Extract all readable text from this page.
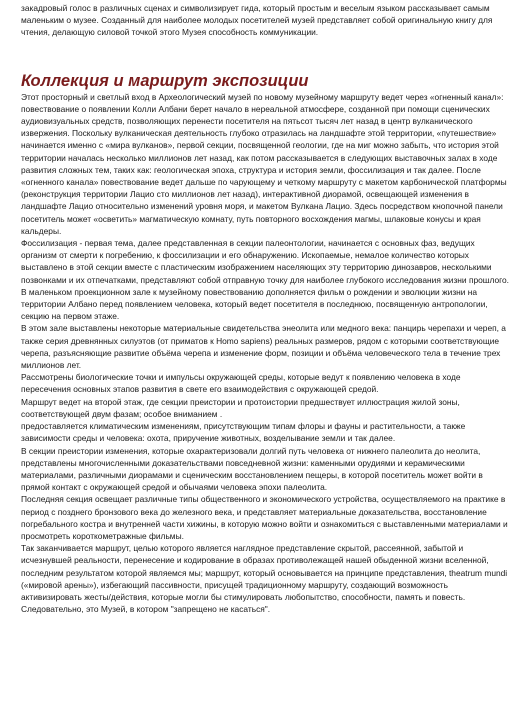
закадровый голос в различных сценах и символизирует гида, который простым и веселым языком рассказывает самым маленьким о музее. Созданный для наиболее молодых посетителей музей представляет собой оригинальную книгу для чтения, делающую силовой точкой этого Музея способность коммуникации.

Коллекция и маршрут экспозиции

Этот просторный и светлый вход в Археологический музей по новому музейному маршруту ведет через «огненный канал»: повествование о появлении Колли Албани берет начало в нереальной атмосфере, созданной при помощи сценических аудиовизуальных средств, позволяющих перенести посетителя на пятьсот тысяч лет назад в центр вулканического извержения. Поскольку вулканическая деятельность глубоко отразилась на ландшафте этой территории, «путешествие» начинается именно с «мира вулканов», первой секции, посвященной геологии, где на миг можно забыть, что история этой территории началась несколько миллионов лет назад, как потом рассказывается в следующих выставочных залах в ходе развития сложных тем, таких как: геологическая эпоха, структура и история земли, фоссилизация и так далее. После «огненного канала» повествование ведет дальше по чарующему и четкому маршруту с макетом карбонической платформы (реконструкция территории Лацио сто миллионов лет назад), интерактивной диорамой, освещающей изменения в ландшафте Лацио относительно изменений уровня моря, и макетом Вулкана Лацио. Здесь посредством кнопочной панели посетитель может «осветить» магматическую комнату, путь повторного восхождения магмы, шлаковые конусы и края кальдеры.

Фоссилизация - первая тема, далее представленная в секции палеонтологии, начинается с основных фаз, ведущих организм от смерти к погребению, к фоссилизации и его обнаружению. Ископаемые, немалое количество которых выставлено в этой секции вместе с пластическим изображением населяющих эту территорию динозавров, несколькими позвонками и их отпечатками, представляют собой отправную точку для наиболее глубокого исследования жизни прошлого.

В маленьком проекционном зале к музейному повествованию дополняется фильм о рождении и эволюции жизни на территории Албано перед появлением человека, который ведет посетителя в последнюю, посвященную антропологии, секцию на первом этаже.

В этом зале выставлены некоторые материальные свидетельства энеолита или медного века: панцирь черепахи и череп, а также серия древнянных силуэтов (от приматов к Homo sapiens) реальных размеров, рядом с которыми соответствующие черепа, разъясняющие развитие объёма черепа и изменение форм, позиции и объёма человеческого тела в течение трех миллионов лет.

Рассмотрены биологические точки и импульсы окружающей среды, которые ведут к появлению человека в ходе пересечения основных этапов развития в свете его взаимодействия с окружающей средой.

Маршрут ведет на второй этаж, где секции преистории и протоистории предшествует иллюстрация жилой зоны, соответствующей двум фазам; особое вниманием .

предоставляется климатическим изменениям, присутствующим типам флоры и фауны и растительности, а также зависимости среды и человека: охота, приручение животных, возделывание земли и так далее.

В секции преистории изменения, которые охарактеризовали долгий путь человека от нижнего палеолита до неолита, представлены многочисленными доказательствами повседневной жизни: каменными орудиями и керамическими материалами, различными диорамами и сценическим восстановлением пещеры, в которой посетитель может войти в прямой контакт с окружающей средой и обычаями человека эпохи палеолита.

Последняя секция освещает различные типы общественного и экономического устройства, осуществляемого на практике в период с позднего бронзового века до железного века, и представляет материальные доказательства, восстановление погребального костра и внутренней части хижины, в которую можно войти и ознакомиться с выставленными материалами и просмотреть короткометражные фильмы.

Так заканчивается маршрут, целью которого является наглядное представление скрытой, рассеянной, забытой и исчезнувшей реальности, перенесение и кодирование в образах противолежащей нашей обыденной жизни вселенной, последним результатом которой являемся мы; маршрут, который основывается на принципе представления, theatrum mundi («мировой арены»), избегающий пассивности, присущей традиционному маршруту, создающий возможность активизировать жесты/действия, которые могли бы стимулировать любопытство, способности, память и повесть. Следовательно, это Музей, в котором "запрещено не касаться".
